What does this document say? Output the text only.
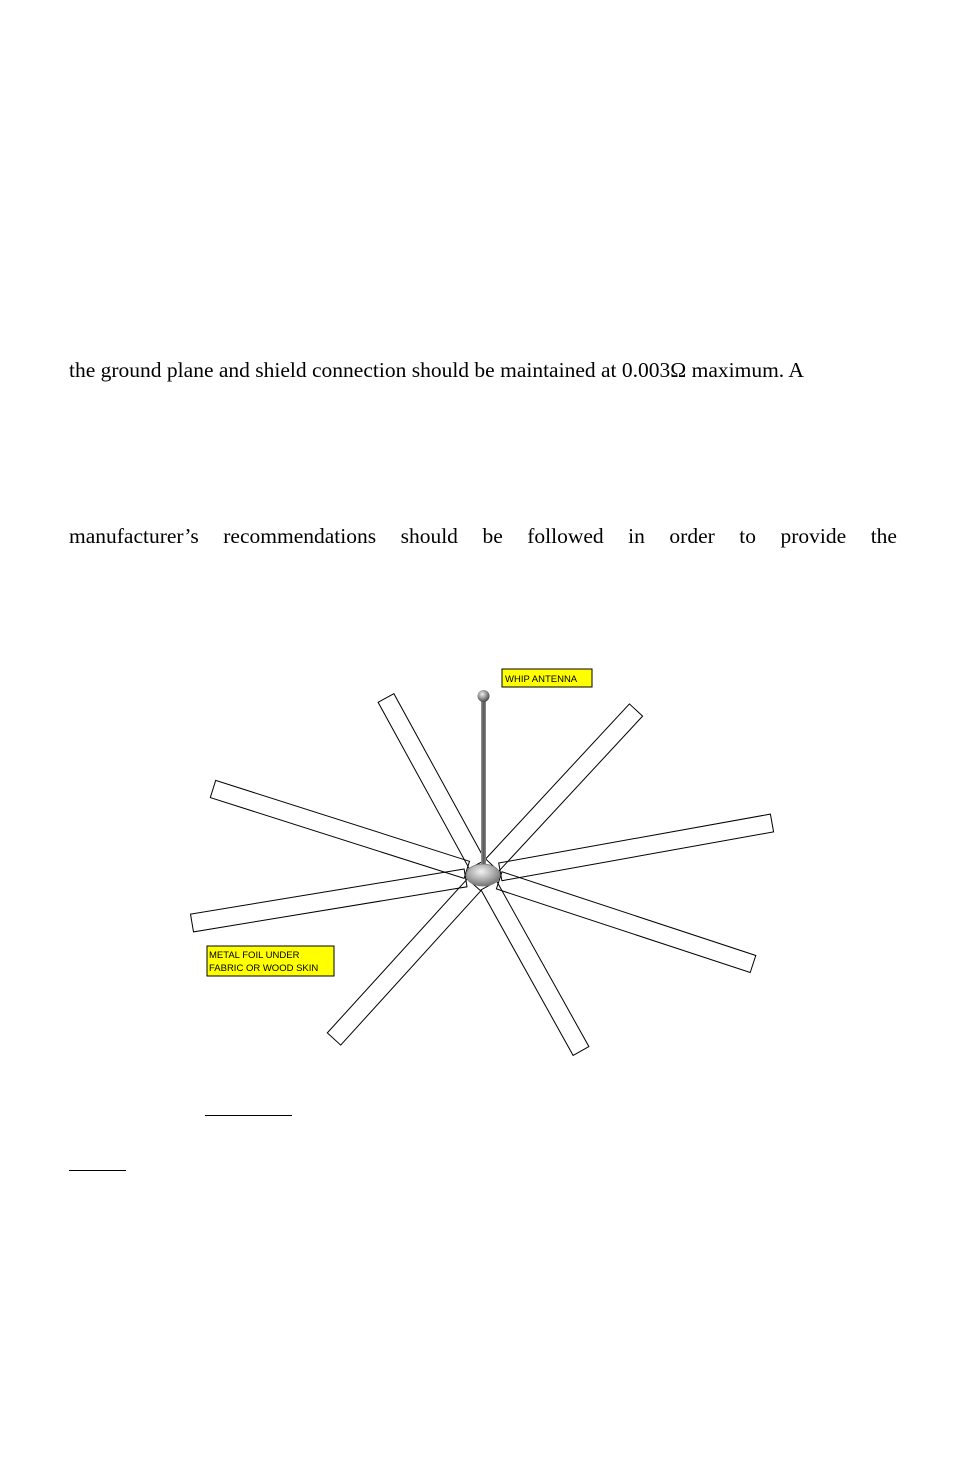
the ground plane and shield connection should be maintained at 0.003Ω maximum. A
manufacturer’s recommendations should be followed in order to provide the
WHIP ANTENNA
METAL FOIL UNDER
FABRIC OR WOOD SKIN
